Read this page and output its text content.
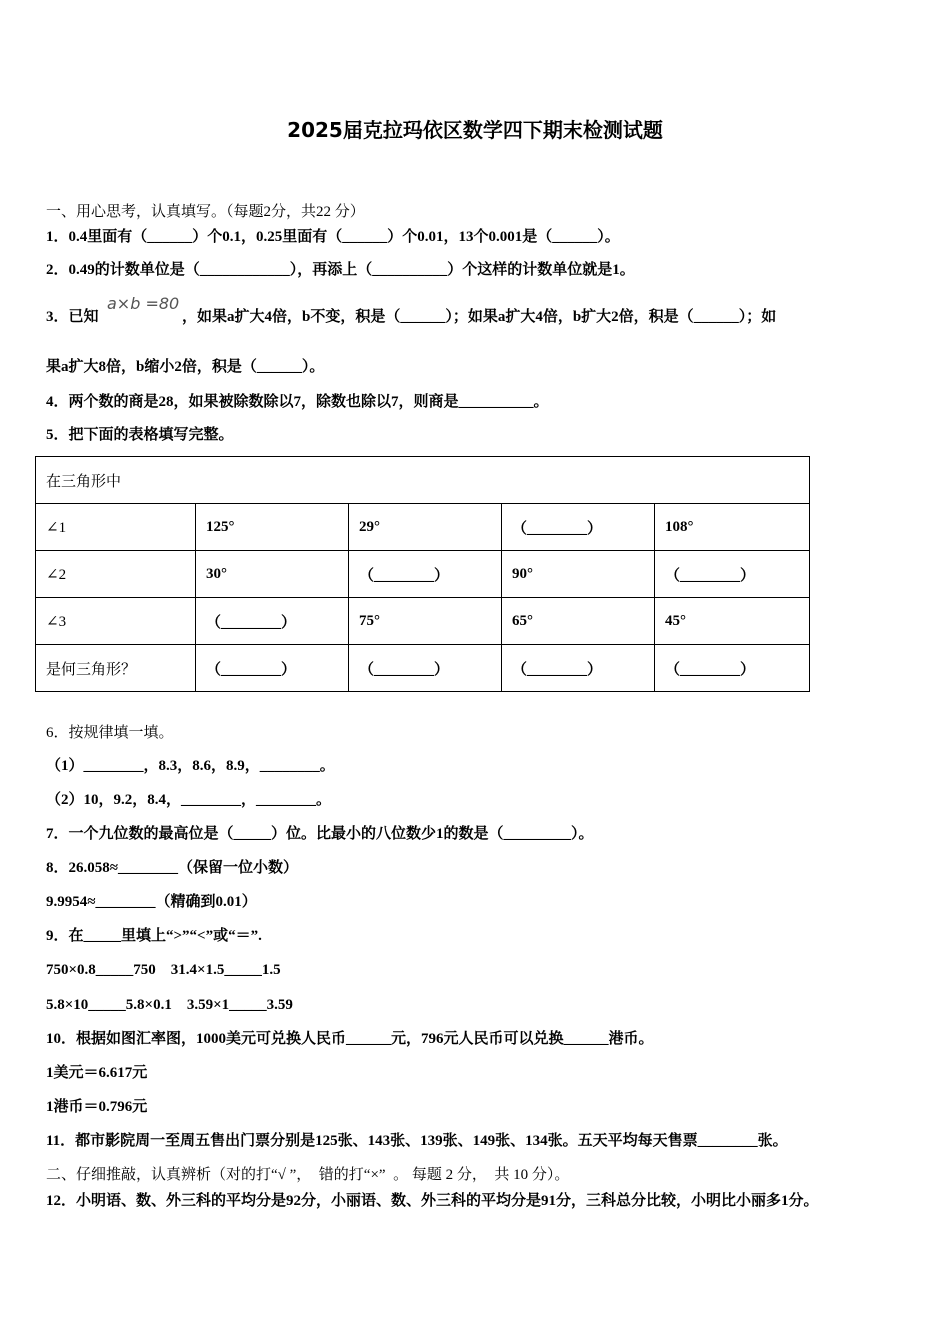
2025届克拉玛依区数学四下期末检测试题
一、用心思考，认真填写。（每题2分，共22 分）
1．0.4里面有（______）个0.1，0.25里面有（______）个0.01，13个0.001是（______）。
2．0.49的计数单位是（____________），再添上（__________）个这样的计数单位就是1。
3．已知
a×b =80
，如果a扩大4倍，b不变，积是（______）；如果a扩大4倍，b扩大2倍，积是（______）；如
果a扩大8倍，b缩小2倍，积是（______）。
4．两个数的商是28，如果被除数除以7，除数也除以7，则商是__________。
5．把下面的表格填写完整。
在三角形中				
∠1	125°	29°	（________）	108°
∠2	30°	（________）	90°	（________）
∠3	（________）	75°	65°	45°
是何三角形？	（________）	（________）	（________）	（________）
6．按规律填一填。
（1）________，8.3，8.6，8.9，________。
（2）10，9.2，8.4，________，________。
7．一个九位数的最高位是（_____）位。比最小的八位数少1的数是（_________）。
8．26.058≈________（保留一位小数）
9.9954≈________（精确到0.01）
9．在_____里填上“>”“<”或“＝”.
750×0.8_____750    31.4×1.5_____1.5
5.8×10_____5.8×0.1    3.59×1_____3.59
10．根据如图汇率图，1000美元可兑换人民币______元，796元人民币可以兑换______港币。
1美元＝6.617元
1港币＝0.796元
11．都市影院周一至周五售出门票分别是125张、143张、139张、149张、134张。五天平均每天售票________张。
二、仔细推敲，认真辨析（对的打“√ ”，  错的打“×”  。 每题 2 分，  共 10 分）。
12．小明语、数、外三科的平均分是92分，小丽语、数、外三科的平均分是91分，三科总分比较，小明比小丽多1分。
